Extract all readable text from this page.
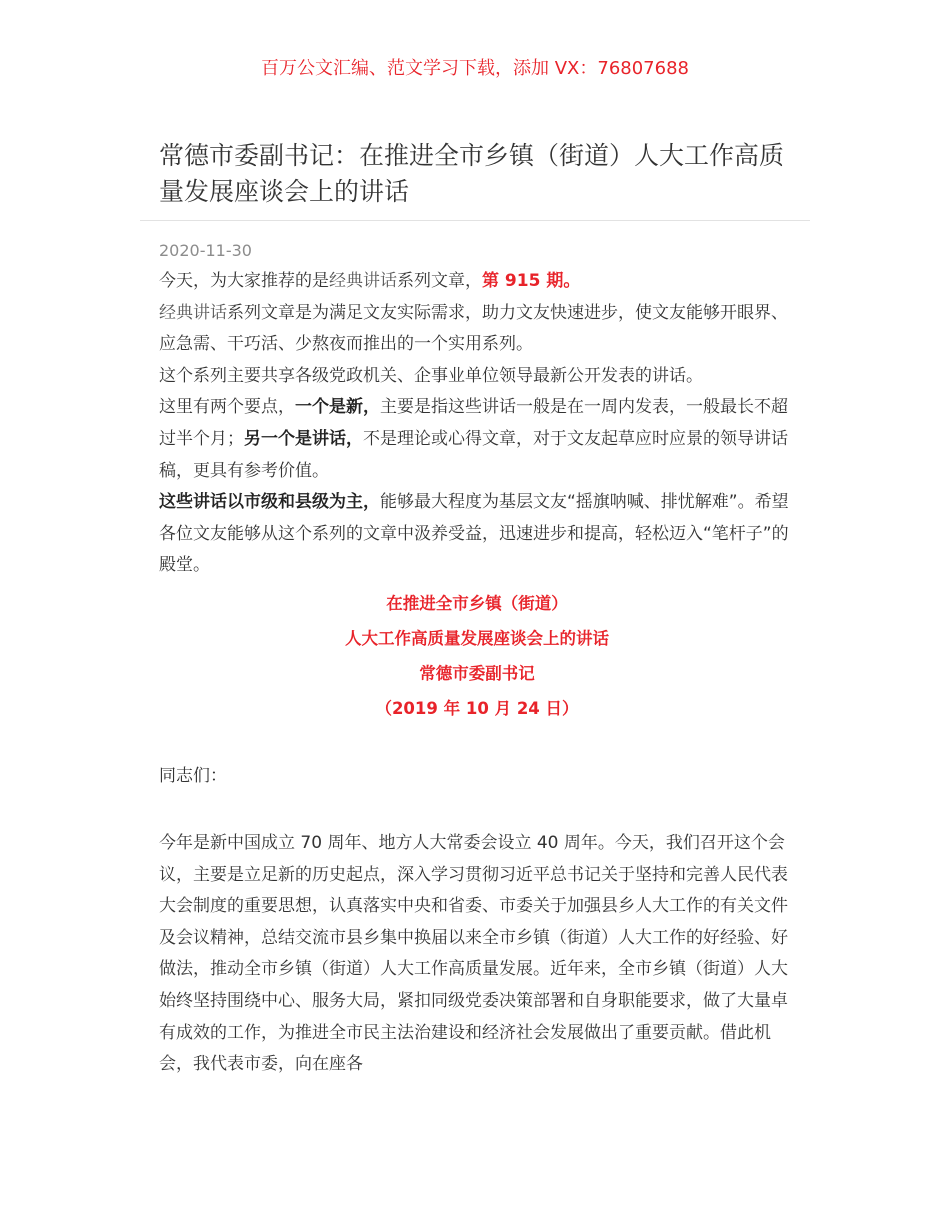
百万公文汇编、范文学习下载，添加 VX：76807688
常德市委副书记：在推进全市乡镇（街道）人大工作高质量发展座谈会上的讲话
2020-11-30

今天，为大家推荐的是经典讲话系列文章，第 915 期。

经典讲话系列文章是为满足文友实际需求，助力文友快速进步，使文友能够开眼界、应急需、干巧活、少熬夜而推出的一个实用系列。

这个系列主要共享各级党政机关、企事业单位领导最新公开发表的讲话。

这里有两个要点，一个是新，主要是指这些讲话一般是在一周内发表，一般最长不超过半个月；另一个是讲话，不是理论或心得文章，对于文友起草应时应景的领导讲话稿，更具有参考价值。

这些讲话以市级和县级为主，能够最大程度为基层文友“摇旗呐喊、排忧解难”。希望各位文友能够从这个系列的文章中汲养受益，迅速进步和提高，轻松迈入“笔杆子”的殿堂。

在推进全市乡镇（街道）
人大工作高质量发展座谈会上的讲话
常德市委副书记
（2019 年 10 月 24 日）

同志们：

今年是新中国成立 70 周年、地方人大常委会设立 40 周年。今天，我们召开这个会议，主要是立足新的历史起点，深入学习贯彻习近平总书记关于坚持和完善人民代表大会制度的重要思想，认真落实中央和省委、市委关于加强县乡人大工作的有关文件及会议精神，总结交流市县乡集中换届以来全市乡镇（街道）人大工作的好经验、好做法，推动全市乡镇（街道）人大工作高质量发展。近年来，全市乡镇（街道）人大始终坚持围绕中心、服务大局，紧扣同级党委决策部署和自身职能要求，做了大量卓有成效的工作，为推进全市民主法治建设和经济社会发展做出了重要贡献。借此机会，我代表市委，向在座各
